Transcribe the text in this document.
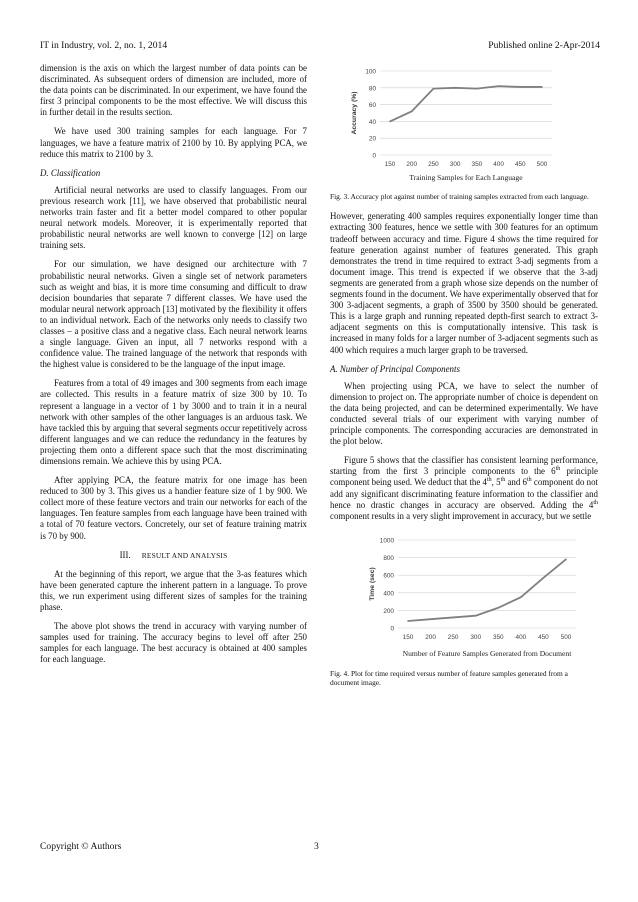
IT in Industry, vol. 2, no. 1, 2014	Published online 2-Apr-2014

dimension is the axis on which the largest number of data points can be discriminated. As subsequent orders of dimension are included, more of the data points can be discriminated. In our experiment, we have found the first 3 principal components to be the most effective. We will discuss this in further detail in the results section.

We have used 300 training samples for each language. For 7 languages, we have a feature matrix of 2100 by 10. By applying PCA, we reduce this matrix to 2100 by 3.

D. Classification

Artificial neural networks are used to classify languages. From our previous research work [11], we have observed that probabilistic neural networks train faster and fit a better model compared to other popular neural network models. Moreover, it is experimentally reported that probabilistic neural networks are well known to converge [12] on large training sets.

For our simulation, we have designed our architecture with 7 probabilistic neural networks. Given a single set of network parameters such as weight and bias, it is more time consuming and difficult to draw decision boundaries that separate 7 different classes. We have used the modular neural network approach [13] motivated by the flexibility it offers to an individual network. Each of the networks only needs to classify two classes – a positive class and a negative class. Each neural network learns a single language. Given an input, all 7 networks respond with a confidence value. The trained language of the network that responds with the highest value is considered to be the language of the input image.

Features from a total of 49 images and 300 segments from each image are collected. This results in a feature matrix of size 300 by 10. To represent a language in a vector of 1 by 3000 and to train it in a neural network with other samples of the other languages is an arduous task. We have tackled this by arguing that several segments occur repetitively across different languages and we can reduce the redundancy in the features by projecting them onto a different space such that the most discriminating dimensions remain. We achieve this by using PCA.

After applying PCA, the feature matrix for one image has been reduced to 300 by 3. This gives us a handier feature size of 1 by 900. We collect more of these feature vectors and train our networks for each of the languages. Ten feature samples from each language have been trained with a total of 70 feature vectors. Concretely, our set of feature training matrix is 70 by 900.

III. RESULT AND ANALYSIS

At the beginning of this report, we argue that the 3-as features which have been generated capture the inherent pattern in a language. To prove this, we run experiment using different sizes of samples for the training phase.

The above plot shows the trend in accuracy with varying number of samples used for training. The accuracy begins to level off after 250 samples for each language. The best accuracy is obtained at 400 samples for each language.

0
20
40
60
80
100
150 200 250 300 350 400 450 500
Accuracy (%)
Training Samples for Each Language
Fig. 3. Accuracy plot against number of training samples extracted from each language.

However, generating 400 samples requires exponentially longer time than extracting 300 features, hence we settle with 300 features for an optimum tradeoff between accuracy and time. Figure 4 shows the time required for feature generation against number of features generated. This graph demonstrates the trend in time required to extract 3-adj segments from a document image. This trend is expected if we observe that the 3-adj segments are generated from a graph whose size depends on the number of segments found in the document. We have experimentally observed that for 300 3-adjacent segments, a graph of 3500 by 3500 should be generated. This is a large graph and running repeated depth-first search to extract 3-adjacent segments on this is computationally intensive. This task is increased in many folds for a larger number of 3-adjacent segments such as 400 which requires a much larger graph to be traversed.

A. Number of Principal Components

When projecting using PCA, we have to select the number of dimension to project on. The appropriate number of choice is dependent on the data being projected, and can be determined experimentally. We have conducted several trials of our experiment with varying number of principle components. The corresponding accuracies are demonstrated in the plot below.

Figure 5 shows that the classifier has consistent learning performance, starting from the first 3 principle components to the 6th principle component being used. We deduct that the 4th, 5th and 6th component do not add any significant discriminating feature information to the classifier and hence no drastic changes in accuracy are observed. Adding the 4th component results in a very slight improvement in accuracy, but we settle

0
200
400
600
800
1000
150 200 250 300 350 400 450 500
Time (sec)
Number of Feature Samples Generated from Document
Fig. 4. Plot for time required versus number of feature samples generated from a document image.
Copyright © Authors	3
